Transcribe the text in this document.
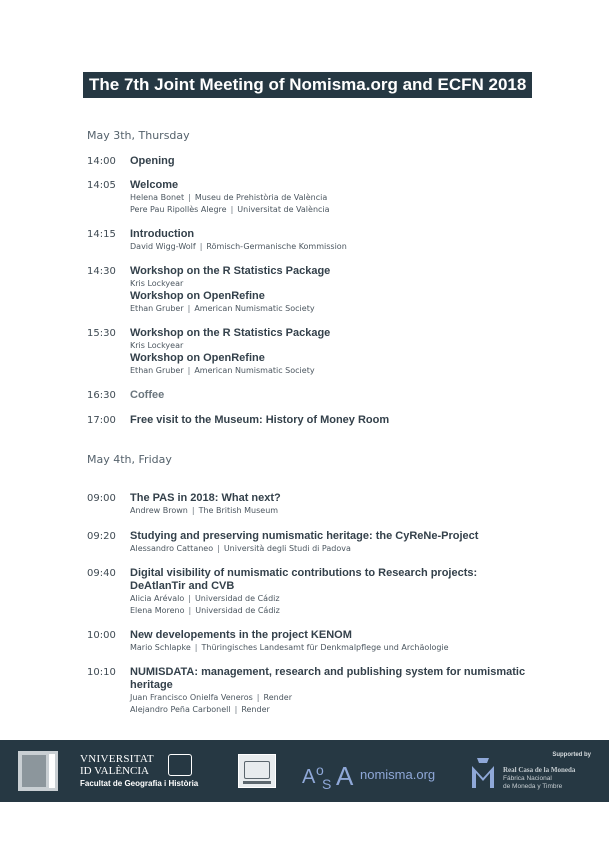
The 7th Joint Meeting of Nomisma.org and ECFN 2018
May 3th, Thursday
14:00 Opening
14:05 Welcome
Helena Bonet | Museu de Prehistòria de València
Pere Pau Ripollès Alegre | Universitat de València
14:15 Introduction
David Wigg-Wolf | Römisch-Germanische Kommission
14:30 Workshop on the R Statistics Package
Kris Lockyear
Workshop on OpenRefine
Ethan Gruber | American Numismatic Society
15:30 Workshop on the R Statistics Package
Kris Lockyear
Workshop on OpenRefine
Ethan Gruber | American Numismatic Society
16:30 Coffee
17:00 Free visit to the Museum: History of Money Room
May 4th, Friday
09:00 The PAS in 2018: What next?
Andrew Brown | The British Museum
09:20 Studying and preserving numismatic heritage: the CyReNe-Project
Alessandro Cattaneo | Università degli Studi di Padova
09:40 Digital visibility of numismatic contributions to Research projects:
DeAtlanTir and CVB
Alicia Arévalo | Universidad de Cádiz
Elena Moreno | Universidad de Cádiz
10:00 New developements in the project KENOM
Mario Schlapke | Thüringisches Landesamt für Denkmalpflege und Archäologie
10:10 NUMISDATA: management, research and publishing system for numismatic
heritage
Juan Francisco Onielfa Veneros | Render
Alejandro Peña Carbonell | Render
VNIVERSITAT
ID VALÈNCIA
Facultat de Geografia i Història	A o
S A nomisma.org
Supported by
Real Casa de la Moneda
Fábrica Nacional
de Moneda y Timbre
